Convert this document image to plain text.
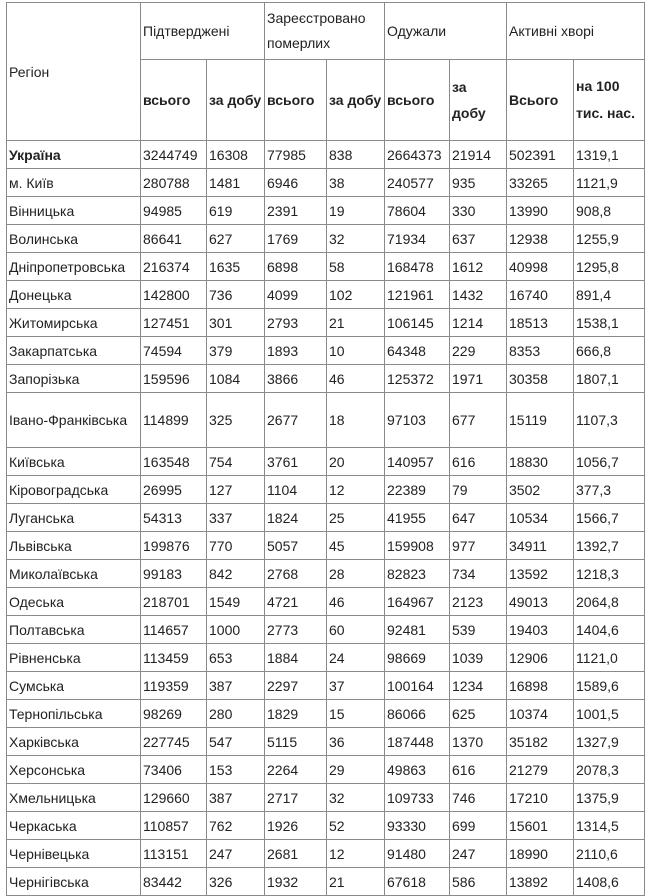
Регіон	Підтверджені		Зареєстровано померлих		Одужали		Активні хворі	
	всього	за добу	всього	за добу	всього	за добу	Всього	на 100 тис. нас.
Україна	3244749	16308	77985	838	2664373	21914	502391	1319,1
м. Київ	280788	1481	6946	38	240577	935	33265	1121,9
Вінницька	94985	619	2391	19	78604	330	13990	908,8
Волинська	86641	627	1769	32	71934	637	12938	1255,9
Дніпропетровська	216374	1635	6898	58	168478	1612	40998	1295,8
Донецька	142800	736	4099	102	121961	1432	16740	891,4
Житомирська	127451	301	2793	21	106145	1214	18513	1538,1
Закарпатська	74594	379	1893	10	64348	229	8353	666,8
Запорізька	159596	1084	3866	46	125372	1971	30358	1807,1
Івано-Франківська	114899	325	2677	18	97103	677	15119	1107,3
Київська	163548	754	3761	20	140957	616	18830	1056,7
Кіровоградська	26995	127	1104	12	22389	79	3502	377,3
Луганська	54313	337	1824	25	41955	647	10534	1566,7
Львівська	199876	770	5057	45	159908	977	34911	1392,7
Миколаївська	99183	842	2768	28	82823	734	13592	1218,3
Одеська	218701	1549	4721	46	164967	2123	49013	2064,8
Полтавська	114657	1000	2773	60	92481	539	19403	1404,6
Рівненська	113459	653	1884	24	98669	1039	12906	1121,0
Сумська	119359	387	2297	37	100164	1234	16898	1589,6
Тернопільська	98269	280	1829	15	86066	625	10374	1001,5
Харківська	227745	547	5115	36	187448	1370	35182	1327,9
Херсонська	73406	153	2264	29	49863	616	21279	2078,3
Хмельницька	129660	387	2717	32	109733	746	17210	1375,9
Черкаська	110857	762	1926	52	93330	699	15601	1314,5
Чернівецька	113151	247	2681	12	91480	247	18990	2110,6
Чернігівська	83442	326	1932	21	67618	586	13892	1408,6
